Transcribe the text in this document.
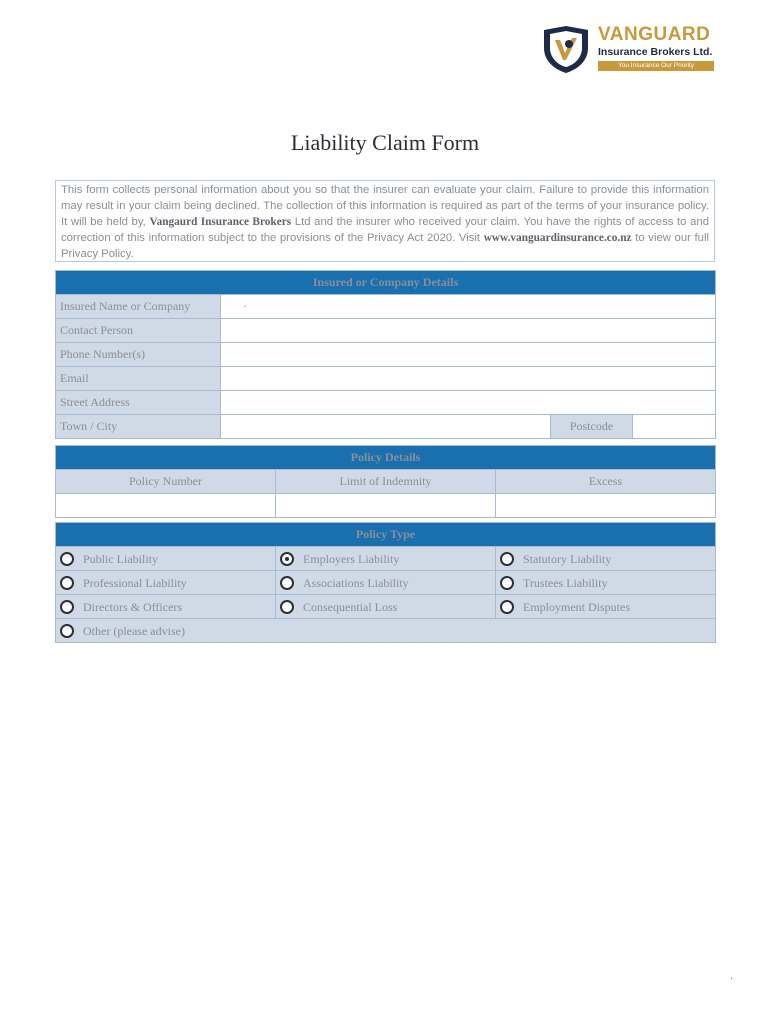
VANGUARD
Insurance Brokers Ltd.
You Insurance Our Priority
Liability Claim Form
This form collects personal information about you so that the insurer can evaluate your claim. Failure to provide this information may result in your claim being declined. The collection of this information is required as part of the terms of your insurance policy. It will be held by, Vangaurd Insurance Brokers Ltd and the insurer who received your claim. You have the rights of access to and correction of this information subject to the provisions of the Privacy Act 2020. Visit www.vanguardinsurance.co.nz to view our full Privacy Policy.
Insured or Company Details			
Insured Name or Company	·		
Contact Person			
Phone Number(s)			
Email			
Street Address			
Town / City		Postcode	
Policy Details		
Policy Number	Limit of Indemnity	Excess

Policy Type		
Public Liability	Employers Liability	Statutory Liability
Professional Liability	Associations Liability	Trustees Liability
Directors & Officers	Consequential Loss	Employment Disputes
Other (please advise)		
'
